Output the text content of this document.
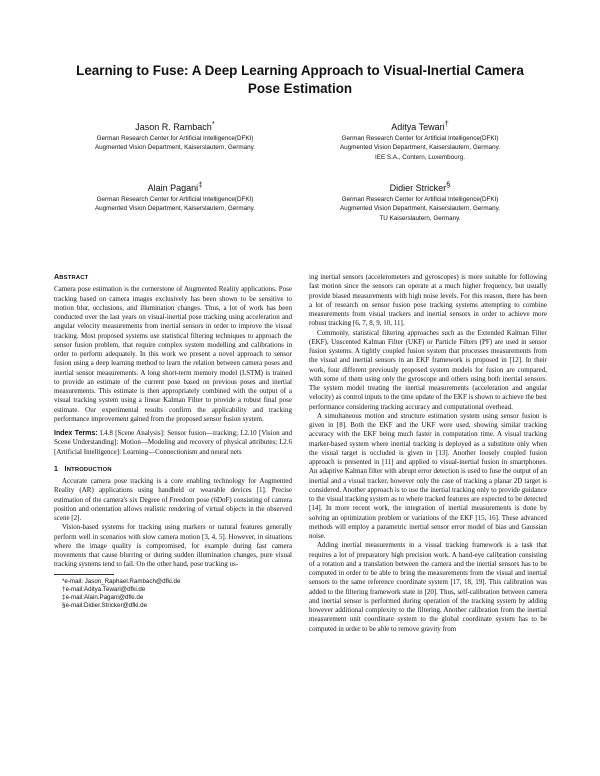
Learning to Fuse: A Deep Learning Approach to Visual-Inertial Camera
Pose Estimation
Jason R. Rambach*
German Research Center for Artificial Intelligence(DFKI)
Augmented Vision Department, Kaiserslautern, Germany.
Aditya Tewari†
German Research Center for Artificial Intelligence(DFKI)
Augmented Vision Department, Kaiserslautern, Germany.
IEE S.A., Contern, Luxembourg.
Alain Pagani‡
German Research Center for Artificial Intelligence(DFKI)
Augmented Vision Department, Kaiserslautern, Germany.
Didier Stricker§
German Research Center for Artificial Intelligence(DFKI)
Augmented Vision Department, Kaiserslautern, Germany.
TU Kaiserslautern, Germany.
ABSTRACT

Camera pose estimation is the cornerstone of Augmented Reality applications. Pose tracking based on camera images exclusively has been shown to be sensitive to motion blur, occlusions, and illumination changes. Thus, a lot of work has been conducted over the last years on visual-inertial pose tracking using acceleration and angular velocity measurements from inertial sensors in order to improve the visual tracking. Most proposed systems use statistical filtering techniques to approach the sensor fusion problem, that require complex system modelling and calibrations in order to perform adequately. In this work we present a novel approach to sensor fusion using a deep learning method to learn the relation between camera poses and inertial sensor measurements. A long short-term memory model (LSTM) is trained to provide an estimate of the current pose based on previous poses and inertial measurements. This estimate is then appropriately combined with the output of a visual tracking system using a linear Kalman Filter to provide a robust final pose estimate. Our experimental results confirm the applicability and tracking performance improvement gained from the proposed sensor fusion system.

Index Terms: I.4.8 [Scene Analysis]: Sensor fusion—tracking; I.2.10 [Vision and Scene Understanding]: Motion—Modeling and recovery of physical attributes; I.2.6 [Artificial Intelligence]: Learning—Connectionism and neural nets

1 INTRODUCTION

Accurate camera pose tracking is a core enabling technology for Augmented Reality (AR) applications using handheld or wearable devices [1]. Precise estimation of the camera's six Degree of Freedom pose (6DoF) consisting of camera position and orientation allows realistic rendering of virtual objects in the observed scene [2].

Vision-based systems for tracking using markers or natural features generally perform well in scenarios with slow camera motion [3, 4, 5]. However, in situations where the image quality is compromised, for example during fast camera movements that cause blurring or during sudden illumination changes, pure visual tracking systems tend to fail. On the other hand, pose tracking us-

*e-mail: Jason_Raphael.Rambach@dfki.de
†e-mail:Aditya.Tewari@dfki.de
‡e-mail:Alain.Pagani@dfki.de
§e-mail:Didier.Stricker@dfki.de

ing inertial sensors (accelerometers and gyroscopes) is more suitable for following fast motion since the sensors can operate at a much higher frequency, but usually provide biased measurements with high noise levels. For this reason, there has been a lot of research on sensor fusion pose tracking systems attempting to combine measurements from visual trackers and inertial sensors in order to achieve more robust tracking [6, 7, 8, 9, 10, 11].

Commonly, statistical filtering approaches such as the Extended Kalman Filter (EKF), Unscented Kalman Filter (UKF) or Particle Filters (PF) are used in sensor fusion systems. A tightly coupled fusion system that processes measurements from the visual and inertial sensors in an EKF framework is proposed in [12]. In their work, four different previously proposed system models for fusion are compared, with some of them using only the gyroscope and others using both inertial sensors. The system model treating the inertial measurements (acceleration and angular velocity) as control inputs to the time update of the EKF is shown to achieve the best performance considering tracking accuracy and computational overhead.

A simultaneous motion and structure estimation system using sensor fusion is given in [8]. Both the EKF and the UKF were used, showing similar tracking accuracy with the EKF being much faster in computation time. A visual tracking marker-based system where inertial tracking is deployed as a substitute only when the visual target is occluded is given in [13]. Another loosely coupled fusion approach is presented in [11] and applied to visual-inertial fusion in smartphones. An adaptive Kalman filter with abrupt error detection is used to fuse the output of an inertial and a visual tracker, however only the case of tracking a planar 2D target is considered. Another approach is to use the inertial tracking only to provide guidance to the visual tracking system as to where tracked features are expected to be detected [14]. In more recent work, the integration of inertial measurements is done by solving an optimization problem or variations of the EKF [15, 16]. These advanced methods will employ a parametric inertial sensor error model of bias and Gaussian noise.

Adding inertial measurements in a visual tracking framework is a task that requires a lot of preparatory high precision work. A hand-eye calibration consisting of a rotation and a translation between the camera and the inertial sensors has to be computed in order to be able to bring the measurements from the visual and inertial sensors to the same reference coordinate system [17, 18, 19]. This calibration was added to the filtering framework state in [20]. Thus, self-calibration between camera and inertial sensor is performed during operation of the tracking system by adding however additional complexity to the filtering. Another calibration from the inertial measurement unit coordinate system to the global coordinate system has to be computed in order to be able to remove gravity from
